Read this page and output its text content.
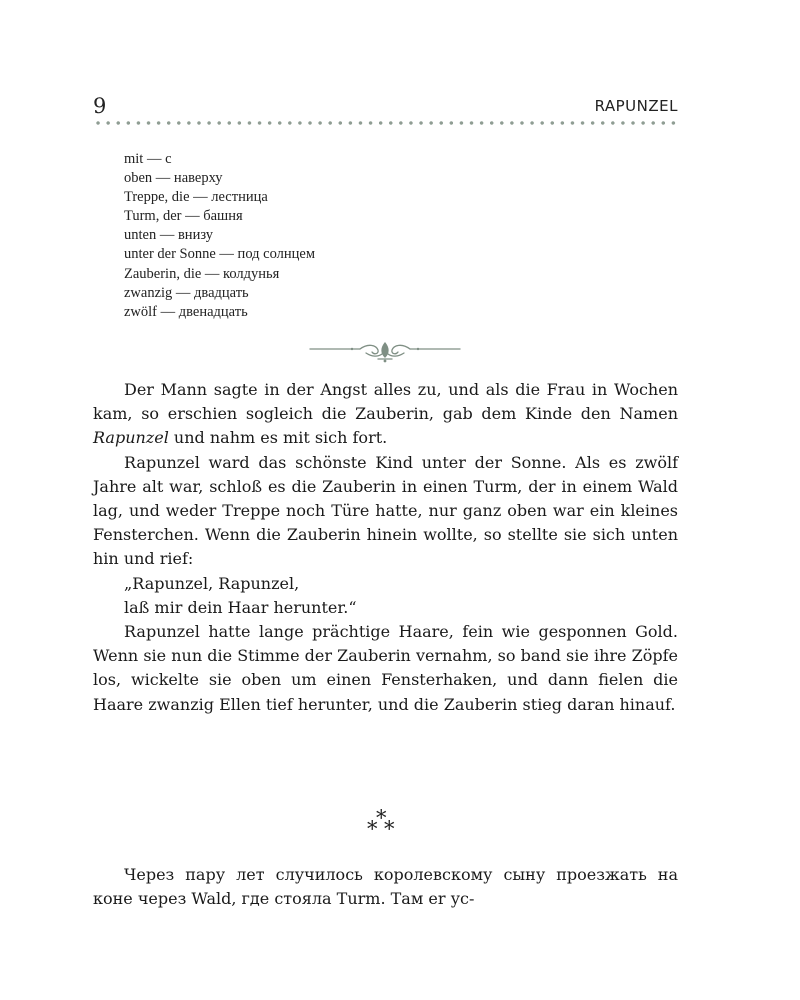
9	RAPUNZEL
mit — с
oben — наверху
Treppe, die — лестница
Turm, der — башня
unten — внизу
unter der Sonne — под солнцем
Zauberin, die — колдунья
zwanzig — двадцать
zwölf — двенадцать

Der Mann sagte in der Angst alles zu, und als die Frau in Wochen kam, so erschien sogleich die Zauberin, gab dem Kinde den Namen Rapunzel und nahm es mit sich fort.

Rapunzel ward das schönste Kind unter der Sonne. Als es zwölf Jahre alt war, schloß es die Zauberin in einen Turm, der in einem Wald lag, und weder Treppe noch Türe hatte, nur ganz oben war ein kleines Fensterchen. Wenn die Zauberin hinein wollte, so stellte sie sich unten hin und rief:

„Rapunzel, Rapunzel,

laß mir dein Haar herunter.“

Rapunzel hatte lange prächtige Haare, fein wie gesponnen Gold. Wenn sie nun die Stimme der Zauberin vernahm, so band sie ihre Zöpfe los, wickelte sie oben um einen Fensterhaken, und dann fielen die Haare zwanzig Ellen tief herunter, und die Zauberin stieg daran hinauf.

*
* *

Через пару лет случилось королевскому сыну проезжать на коне через Wald, где стояла Turm. Там er ус-
